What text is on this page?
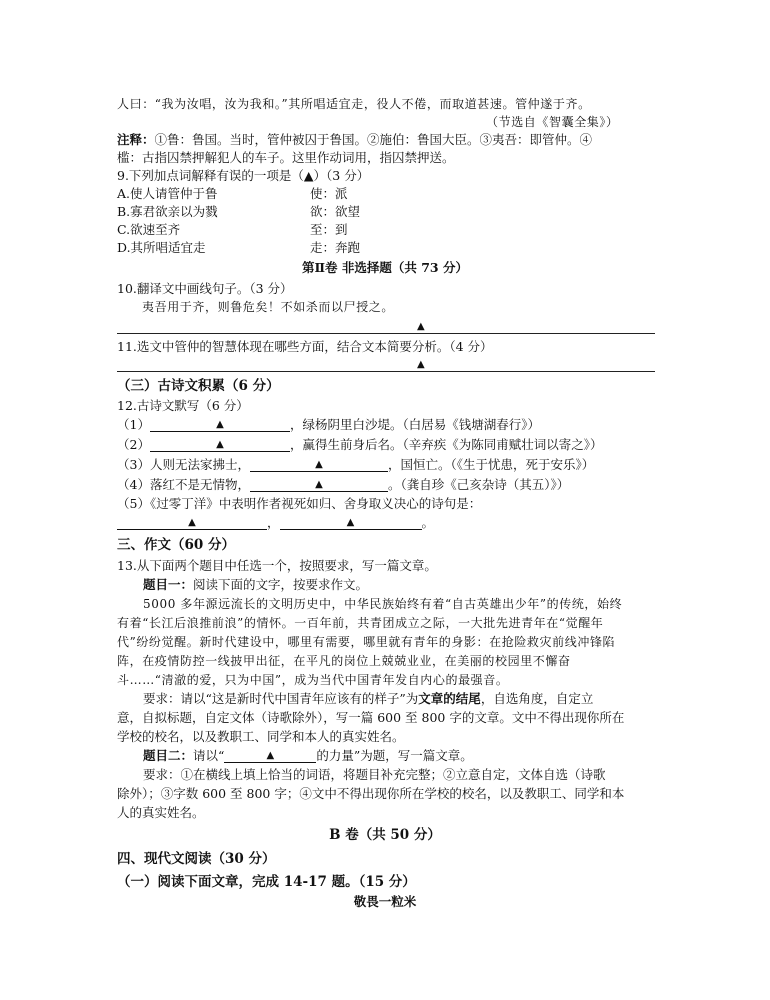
人曰：“我为汝唱，汝为我和。”其所唱适宜走，役人不倦，而取道甚速。管仲遂于齐。
（节选自《智囊全集》）
注释：①鲁：鲁国。当时，管仲被囚于鲁国。②施伯：鲁国大臣。③夷吾：即管仲。④
槛：古指囚禁押解犯人的车子。这里作动词用，指囚禁押送。
9.下列加点词解释有误的一项是（▲）（3 分）
A.使人请管仲于鲁	使：派
B.寡君欲亲以为戮	欲：欲望
C.欲速至齐	至：到
D.其所唱适宜走	走：奔跑
第Ⅱ卷 非选择题（共 73 分）
10.翻译文中画线句子。（3 分）
夷吾用于齐，则鲁危矣！不如杀而以尸授之。
▲
11.选文中管仲的智慧体现在哪些方面，结合文本简要分析。（4 分）
▲
（三）古诗文积累（6 分）
12.古诗文默写（6 分）
（1）	▲	，绿杨阴里白沙堤。（白居易《钱塘湖春行》）
（2）	▲	，赢得生前身后名。（辛弃疾《为陈同甫赋壮词以寄之》）
（3）人则无法家拂士，	▲	，国恒亡。（《生于忧患，死于安乐》）
（4）落红不是无情物，	▲	。（龚自珍《己亥杂诗（其五）》）
（5）《过零丁洋》中表明作者视死如归、舍身取义决心的诗句是：
▲	，	▲	。
三、作文（60 分）
13.从下面两个题目中任选一个，按照要求，写一篇文章。
题目一：阅读下面的文字，按要求作文。
5000 多年源远流长的文明历史中，中华民族始终有着“自古英雄出少年”的传统，始终
有着“长江后浪推前浪”的情怀。一百年前，共青团成立之际，一大批先进青年在“觉醒年
代”纷纷觉醒。新时代建设中，哪里有需要，哪里就有青年的身影：在抢险救灾前线冲锋陷
阵，在疫情防控一线披甲出征，在平凡的岗位上兢兢业业，在美丽的校园里不懈奋
斗……“清澈的爱，只为中国”，成为当代中国青年发自内心的最强音。
要求：请以“这是新时代中国青年应该有的样子”为文章的结尾，自选角度，自定立
意，自拟标题，自定文体（诗歌除外），写一篇 600 至 800 字的文章。文中不得出现你所在
学校的校名，以及教职工、同学和本人的真实姓名。
题目二：请以“	▲	的力量”为题，写一篇文章。
要求：①在横线上填上恰当的词语，将题目补充完整；②立意自定，文体自选（诗歌
除外）；③字数 600 至 800 字；④文中不得出现你所在学校的校名，以及教职工、同学和本
人的真实姓名。
B 卷（共 50 分）
四、现代文阅读（30 分）
（一）阅读下面文章，完成 14-17 题。（15 分）
敬畏一粒米
